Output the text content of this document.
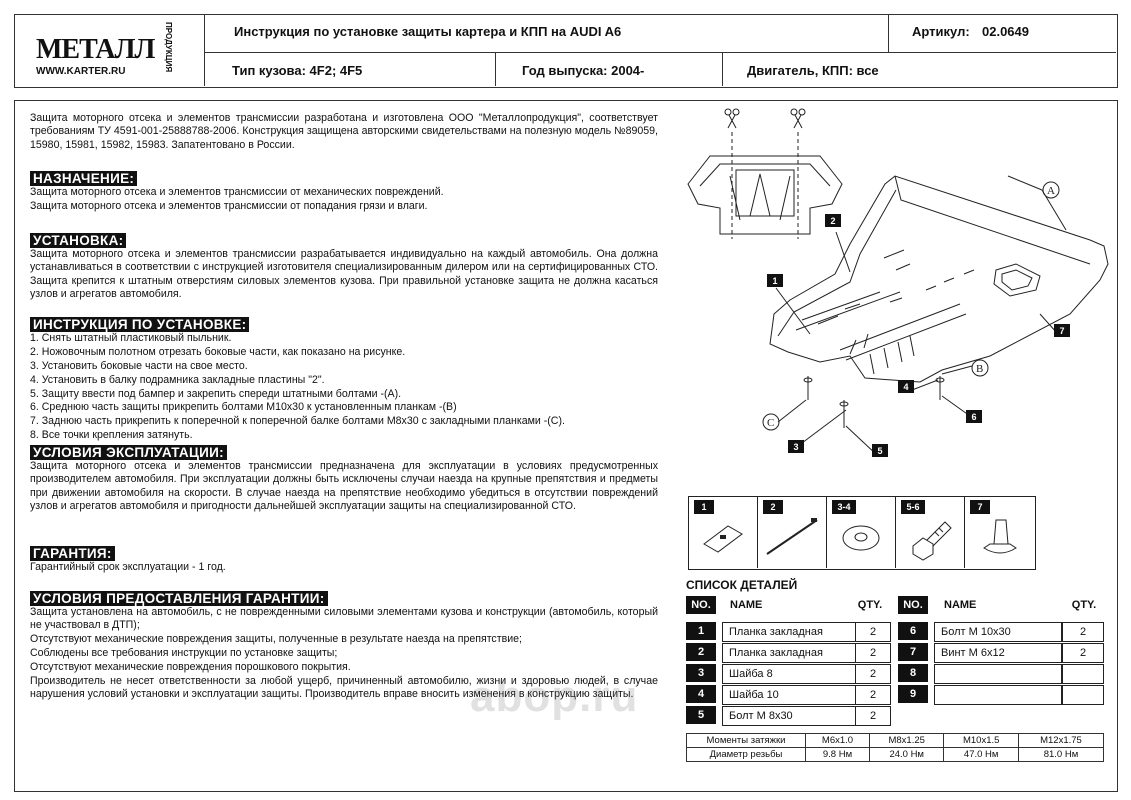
МЕТАЛЛ ПРОДУКЦИЯ
WWW.KARTER.RU
Инструкция по установке защиты картера и КПП на AUDI A6	Артикул: 02.0649
Тип кузова: 4F2; 4F5	Год выпуска: 2004-	Двигатель, КПП: все
Защита моторного отсека и элементов трансмиссии разработана и изготовлена ООО "Металлопродукция", соответствует требованиям ТУ 4591-001-25888788-2006. Конструкция защищена авторскими свидетельствами на полезную модель №89059, 15980, 15981, 15982, 15983. Запатентовано в России.
НАЗНАЧЕНИЕ:
Защита моторного отсека и элементов трансмиссии от механических повреждений.
Защита моторного отсека и элементов трансмиссии от попадания грязи и влаги.
УСТАНОВКА:
Защита моторного отсека и элементов трансмиссии разрабатывается индивидуально на каждый автомобиль. Она должна устанавливаться в соответствии с инструкцией изготовителя специализированным дилером или на сертифицированных СТО. Защита крепится к штатным отверстиям силовых элементов кузова. При правильной установке защита не должна касаться узлов и агрегатов автомобиля.
ИНСТРУКЦИЯ ПО УСТАНОВКЕ:
1. Снять штатный пластиковый пыльник.
2. Ножовочным полотном отрезать боковые части, как показано на рисунке.
3. Установить боковые части на свое место.
4. Установить в балку подрамника закладные пластины "2".
5. Защиту ввести под бампер и закрепить спереди штатными болтами -(A).
6. Среднюю часть защиты прикрепить болтами М10х30 к установленным планкам -(B)
7. Заднюю часть прикрепить к поперечной к поперечной балке болтами М8х30 с закладными планками -(C).
8. Все точки крепления затянуть.
УСЛОВИЯ ЭКСПЛУАТАЦИИ:
Защита моторного отсека и элементов трансмиссии предназначена для эксплуатации в условиях предусмотренных производителем автомобиля. При эксплуатации должны быть исключены случаи наезда на крупные препятствия и предметы при движении автомобиля на скорости. В случае наезда на препятствие необходимо убедиться в отсутствии повреждений узлов и агрегатов автомобиля и пригодности дальнейшей эксплуатации защиты на специализированной СТО.
ГАРАНТИЯ:
Гарантийный срок эксплуатации - 1 год.
УСЛОВИЯ ПРЕДОСТАВЛЕНИЯ ГАРАНТИИ:
Защита установлена на автомобиль, с не поврежденными силовыми элементами кузова и конструкции (автомобиль, который не участвовал в ДТП);
Отсутствуют механические повреждения защиты, полученные в результате наезда на препятствие;
Соблюдены все требования инструкции по установке защиты;
Отсутствуют механические повреждения порошкового покрытия.
Производитель не несет ответственности за любой ущерб, причиненный автомобилю, жизни и здоровью людей, в случае нарушения условий установки и эксплуатации защиты. Производитель вправе вносить изменения в конструкцию защиты.
abop.ru
A
B
C
1
2
3
4
5
6
7
1	2	3-4	5-6	7
СПИСОК ДЕТАЛЕЙ
NO.	NAME	QTY.	NO.	NAME	QTY.
1	Планка закладная	2
2	Планка закладная	2
3	Шайба 8	2
4	Шайба 10	2
5	Болт М 8х30	2
6	Болт М 10х30	2
7	Винт М 6х12	2
8
9
Моменты затяжки	М6х1.0	М8х1.25	М10х1.5	М12х1.75
Диаметр резьбы	9.8 Нм	24.0 Нм	47.0 Нм	81.0 Нм
